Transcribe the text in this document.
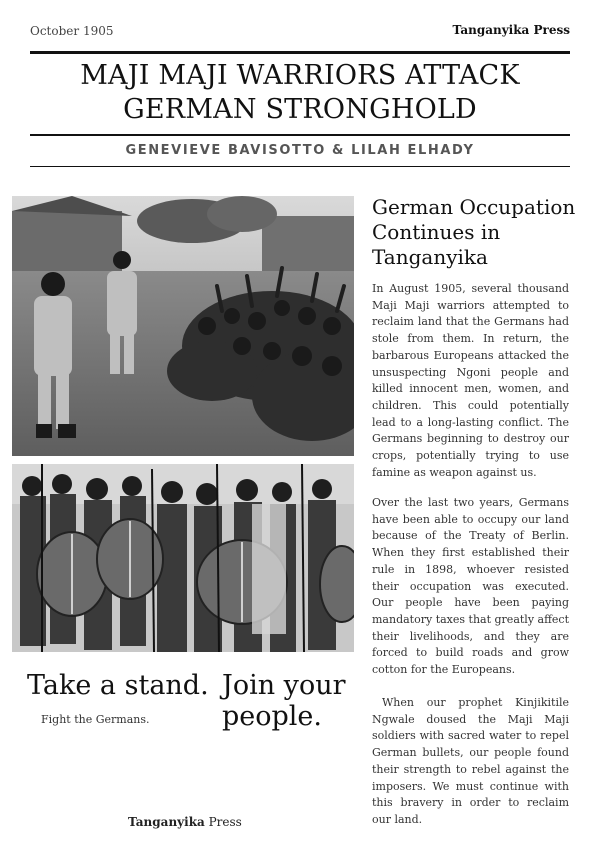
October 1905	Tanganyika Press
MAJI MAJI WARRIORS ATTACK GERMAN STRONGHOLD
GENEVIEVE BAVISOTTO & LILAH ELHADY
Take a stand.
Fight the Germans.
Join your people.
Tanganyika Press
German Occupation Continues in Tanganyika
In August 1905, several thousand Maji Maji warriors attempted to reclaim land that the Germans had stole from them. In return, the barbarous Europeans attacked the unsuspecting Ngoni people and killed innocent men, women, and children. This could potentially lead to a long-lasting conflict. The Germans beginning to destroy our crops, potentially trying to use famine as weapon against us.
Over the last two years, Germans have been able to occupy our land because of the Treaty of Berlin. When they first established their rule in 1898, whoever resisted their occupation was executed. Our people have been paying mandatory taxes that greatly affect their livelihoods, and they are forced to build roads and grow cotton for the Europeans.
When our prophet Kinjikitile Ngwale doused the Maji Maji soldiers with sacred water to repel German bullets, our people found their strength to rebel against the imposers. We must continue with this bravery in order to reclaim our land.
